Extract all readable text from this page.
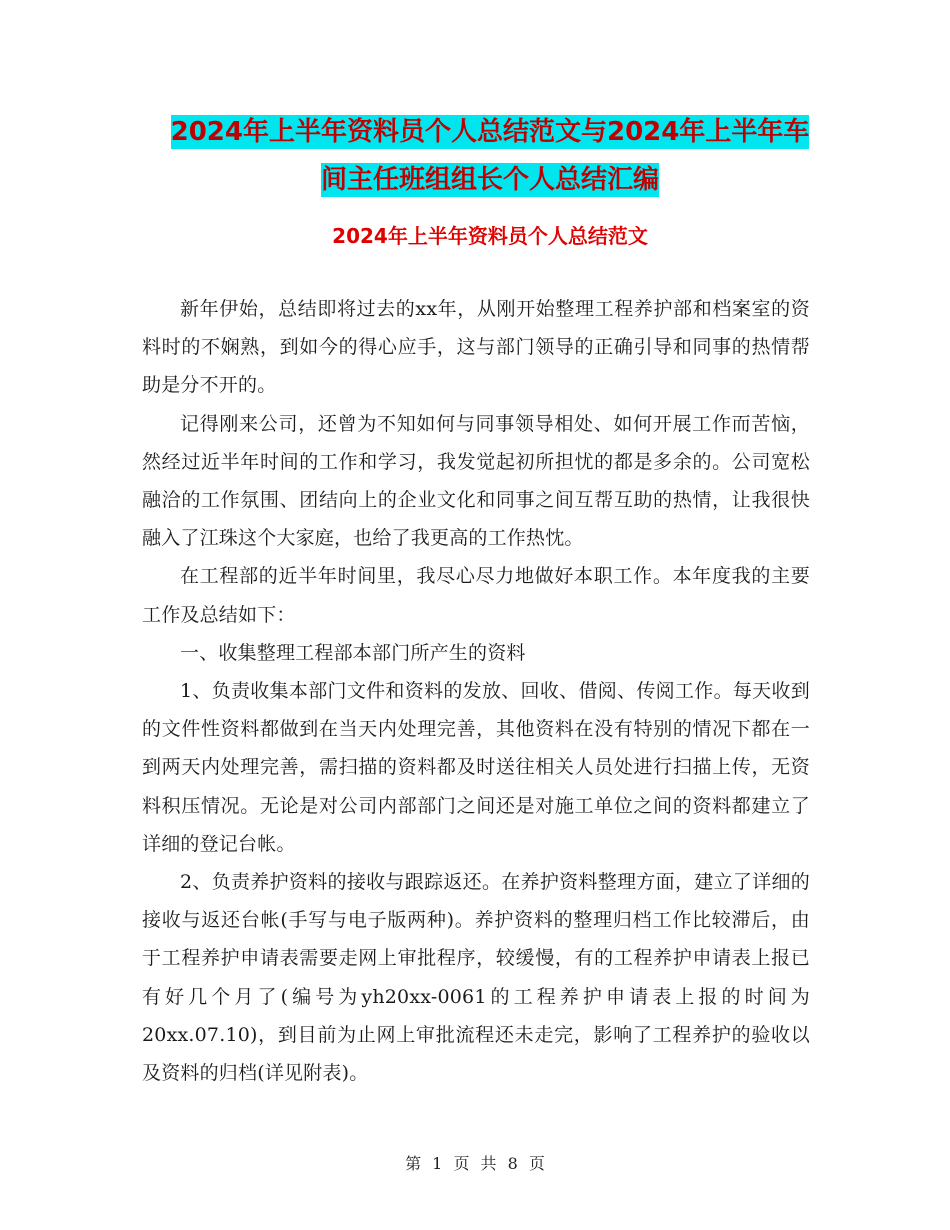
2024年上半年资料员个人总结范文与2024年上半年车
间主任班组组长个人总结汇编
2024年上半年资料员个人总结范文

新年伊始，总结即将过去的xx年，从刚开始整理工程养护部和档案室的资料时的不娴熟，到如今的得心应手，这与部门领导的正确引导和同事的热情帮助是分不开的。

记得刚来公司，还曾为不知如何与同事领导相处、如何开展工作而苦恼，然经过近半年时间的工作和学习，我发觉起初所担忧的都是多余的。公司宽松融洽的工作氛围、团结向上的企业文化和同事之间互帮互助的热情，让我很快融入了江珠这个大家庭，也给了我更高的工作热忱。

在工程部的近半年时间里，我尽心尽力地做好本职工作。本年度我的主要工作及总结如下：

一、收集整理工程部本部门所产生的资料

1、负责收集本部门文件和资料的发放、回收、借阅、传阅工作。每天收到的文件性资料都做到在当天内处理完善，其他资料在没有特别的情况下都在一到两天内处理完善，需扫描的资料都及时送往相关人员处进行扫描上传，无资料积压情况。无论是对公司内部部门之间还是对施工单位之间的资料都建立了详细的登记台帐。

2、负责养护资料的接收与跟踪返还。在养护资料整理方面，建立了详细的接收与返还台帐(手写与电子版两种)。养护资料的整理归档工作比较滞后，由于工程养护申请表需要走网上审批程序，较缓慢，有的工程养护申请表上报已有好几个月了(编号为yh20xx-0061的工程养护申请表上报的时间为20xx.07.10)，到目前为止网上审批流程还未走完，影响了工程养护的验收以及资料的归档(详见附表)。

第 1 页 共 8 页
